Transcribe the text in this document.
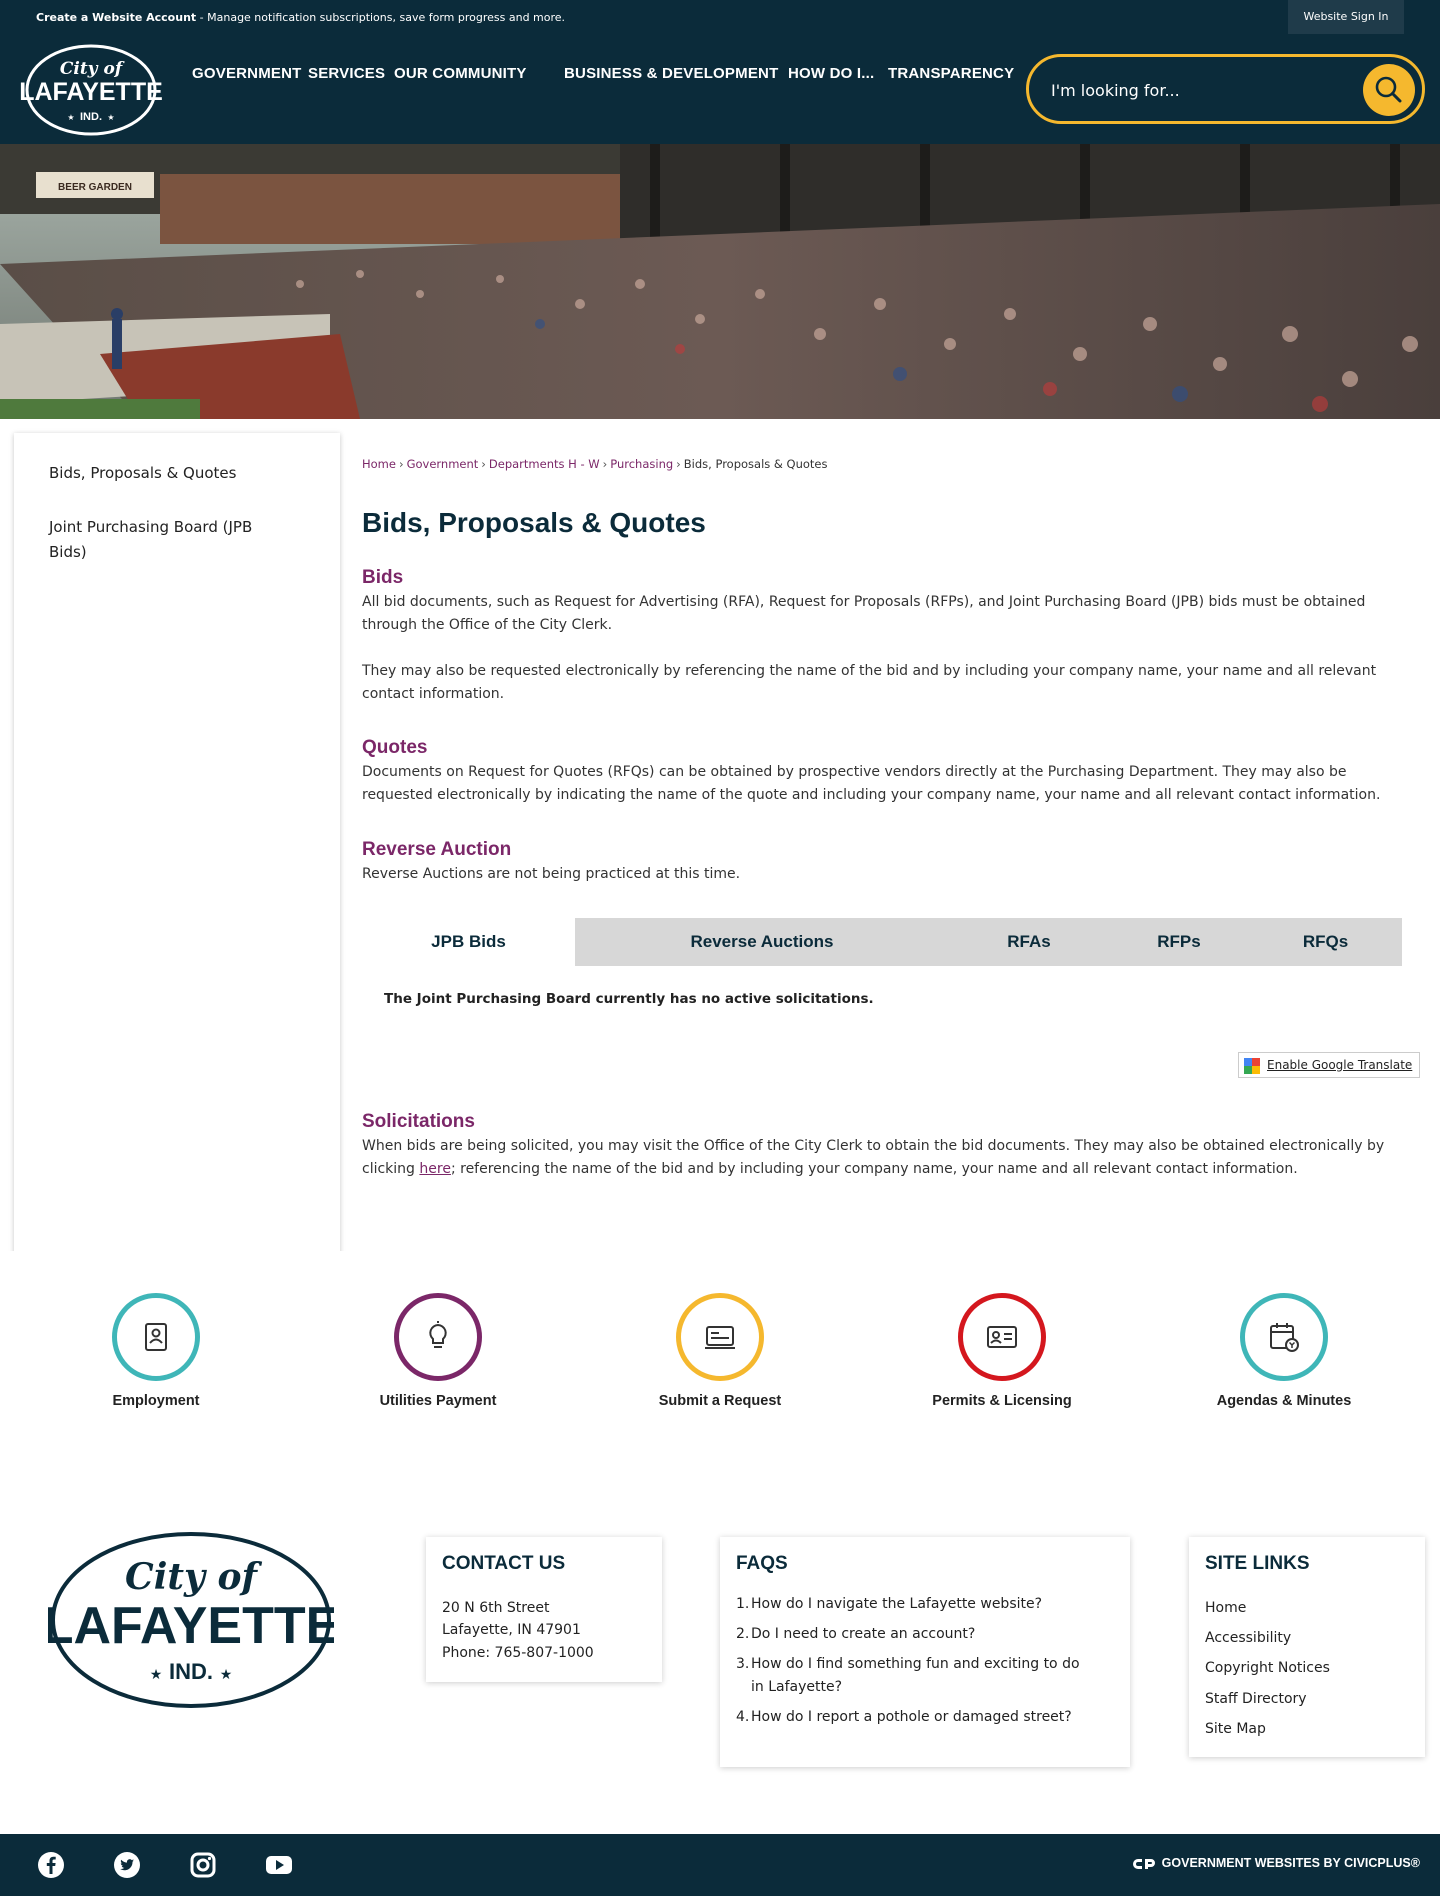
Create a Website Account - Manage notification subscriptions, save form progress and more.	Website Sign In
City of
LAFAYETTE
IND.
★	★
GOVERNMENT SERVICES OUR COMMUNITY BUSINESS & DEVELOPMENT HOW DO I... TRANSPARENCY
I'm looking for...
BEER GARDEN
Bids, Proposals & Quotes
Joint Purchasing Board (JPB Bids)
Home › Government › Departments H - W › Purchasing › Bids, Proposals & Quotes
Bids, Proposals & Quotes
Bids

All bid documents, such as Request for Advertising (RFA), Request for Proposals (RFPs), and Joint Purchasing Board (JPB) bids must be obtained through the Office of the City Clerk.

They may also be requested electronically by referencing the name of the bid and by including your company name, your name and all relevant contact information.

Quotes

Documents on Request for Quotes (RFQs) can be obtained by prospective vendors directly at the Purchasing Department. They may also be requested electronically by indicating the name of the quote and including your company name, your name and all relevant contact information.

Reverse Auction

Reverse Auctions are not being practiced at this time.

JPB Bids	Reverse Auctions	RFAs	RFPs	RFQs
The Joint Purchasing Board currently has no active solicitations.
Enable Google Translate
Solicitations

When bids are being solicited, you may visit the Office of the City Clerk to obtain the bid documents. They may also be obtained electronically by clicking here; referencing the name of the bid and by including your company name, your name and all relevant contact information.

Employment	Utilities Payment	Submit a Request	Permits & Licensing	Agendas & Minutes
City of
LAFAYETTE
IND.
★	★
CONTACT US
20 N 6th Street
Lafayette, IN 47901
Phone: 765-807-1000
FAQS
1. How do I navigate the Lafayette website?
2. Do I need to create an account?
3. How do I find something fun and exciting to do in Lafayette?
4. How do I report a pothole or damaged street?
SITE LINKS
Home
Accessibility
Copyright Notices
Staff Directory
Site Map
GOVERNMENT WEBSITES BY CIVICPLUS®
